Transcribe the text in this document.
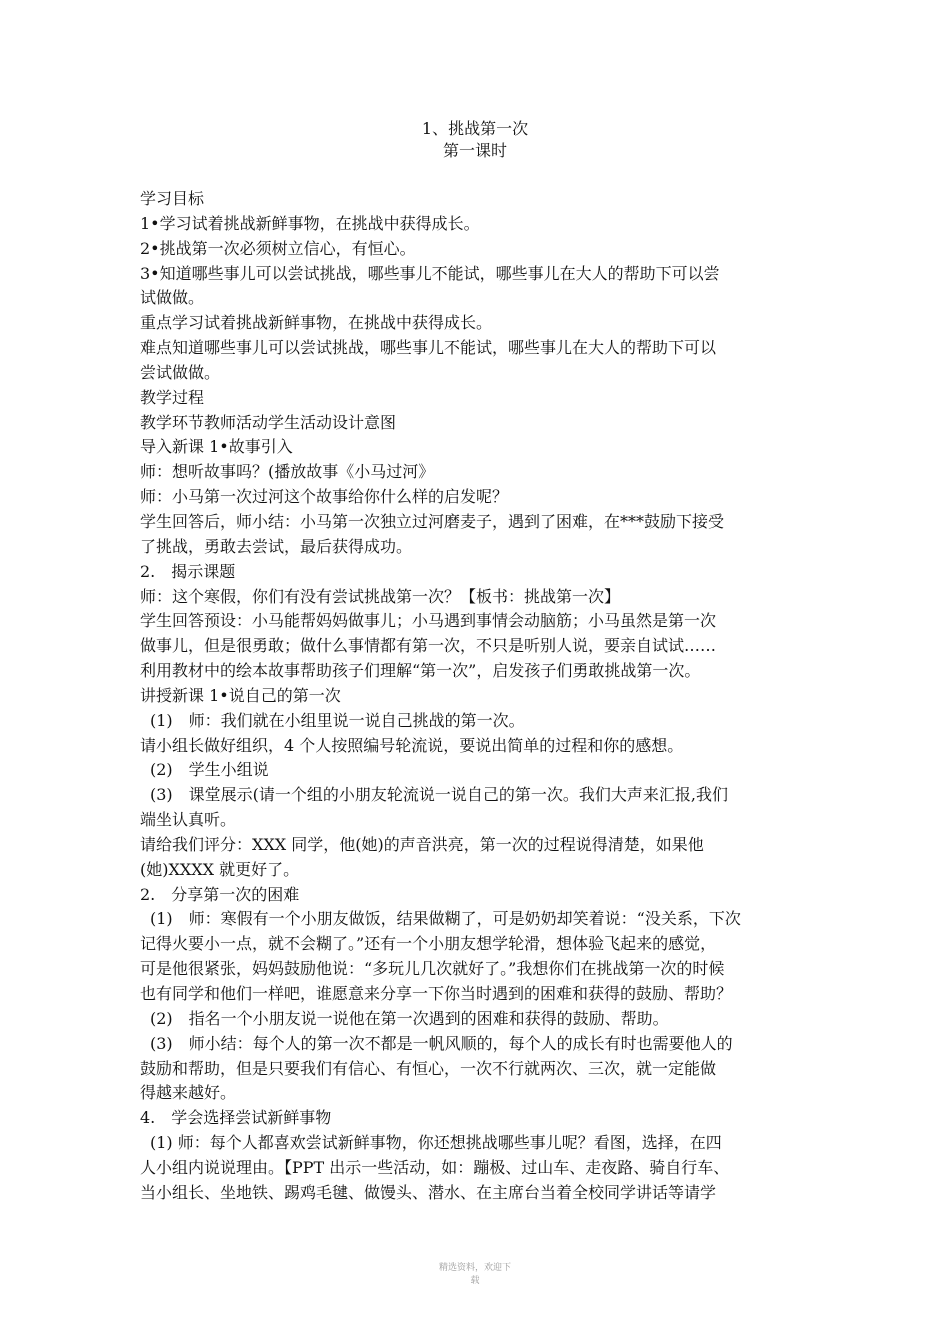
1、挑战第一次
第一课时
学习目标
1•学习试着挑战新鲜事物，在挑战中获得成长。
2•挑战第一次必须树立信心，有恒心。
3•知道哪些事儿可以尝试挑战，哪些事儿不能试，哪些事儿在大人的帮助下可以尝
试做做。
重点学习试着挑战新鲜事物，在挑战中获得成长。
难点知道哪些事儿可以尝试挑战，哪些事儿不能试，哪些事儿在大人的帮助下可以
尝试做做。
教学过程
教学环节教师活动学生活动设计意图
导入新课 1•故事引入
师：想听故事吗？(播放故事《小马过河》
师：小马第一次过河这个故事给你什么样的启发呢？
学生回答后，师小结：小马第一次独立过河磨麦子，遇到了困难，在***鼓励下接受
了挑战，勇敢去尝试，最后获得成功。
2.　揭示课题
师：这个寒假，你们有没有尝试挑战第一次？【板书：挑战第一次】
学生回答预设：小马能帮妈妈做事儿；小马遇到事情会动脑筋；小马虽然是第一次
做事儿，但是很勇敢；做什么事情都有第一次，不只是听别人说，要亲自试试……
利用教材中的绘本故事帮助孩子们理解“第一次”，启发孩子们勇敢挑战第一次。
讲授新课 1•说自己的第一次
(1)　师：我们就在小组里说一说自己挑战的第一次。
请小组长做好组织，4 个人按照编号轮流说，要说出简单的过程和你的感想。
(2)　学生小组说
(3)　课堂展示(请一个组的小朋友轮流说一说自己的第一次。我们大声来汇报,我们
端坐认真听。
请给我们评分：XXX 同学，他(她)的声音洪亮，第一次的过程说得清楚，如果他
(她)XXXX 就更好了。
2.　分享第一次的困难
(1)　师：寒假有一个小朋友做饭，结果做糊了，可是奶奶却笑着说：“没关系，下次
记得火要小一点，就不会糊了。”还有一个小朋友想学轮滑，想体验飞起来的感觉，
可是他很紧张，妈妈鼓励他说：“多玩儿几次就好了。”我想你们在挑战第一次的时候
也有同学和他们一样吧，谁愿意来分享一下你当时遇到的困难和获得的鼓励、帮助？
(2)　指名一个小朋友说一说他在第一次遇到的困难和获得的鼓励、帮助。
(3)　师小结：每个人的第一次不都是一帆风顺的，每个人的成长有时也需要他人的
鼓励和帮助，但是只要我们有信心、有恒心，一次不行就两次、三次，就一定能做
得越来越好。
4.　学会选择尝试新鲜事物
(1) 师：每个人都喜欢尝试新鲜事物，你还想挑战哪些事儿呢？看图，选择，在四
人小组内说说理由。【PPT 出示一些活动，如：蹦极、过山车、走夜路、骑自行车、
当小组长、坐地铁、踢鸡毛毽、做馒头、潜水、在主席台当着全校同学讲话等请学
精选资料，欢迎下
载
